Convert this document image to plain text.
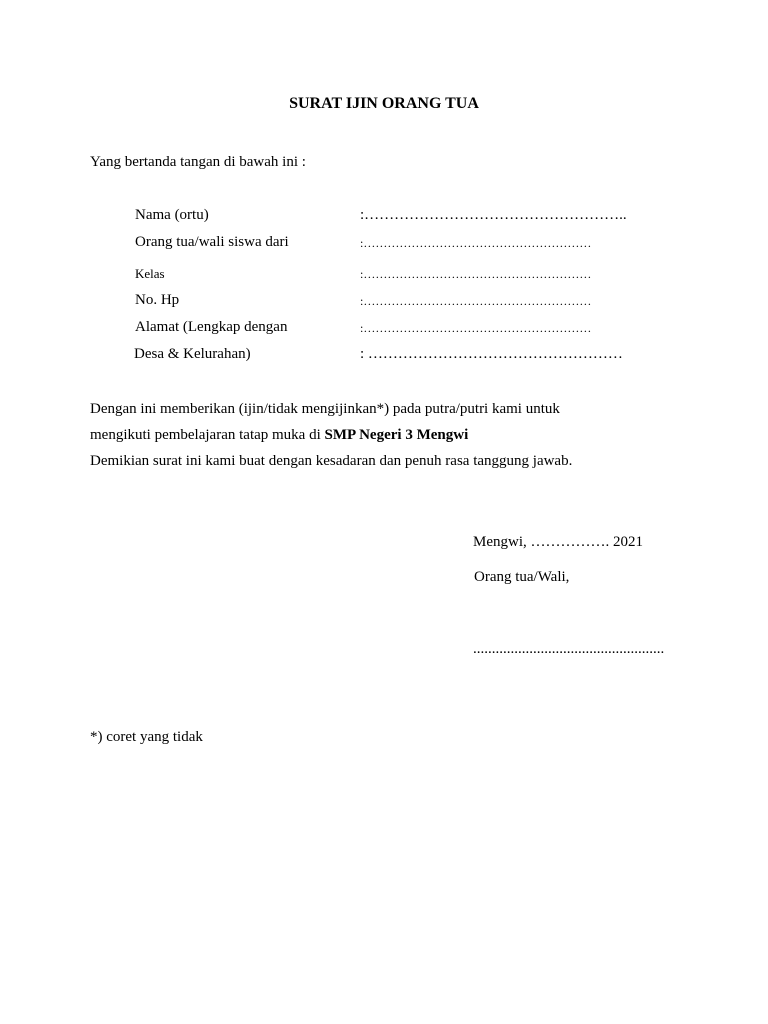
SURAT IJIN ORANG TUA
Yang bertanda tangan di bawah ini :
Nama (ortu)	:……………………………………………..
Orang tua/wali siswa dari	:…………………………………………………
Kelas	:…………………………………………………
No. Hp	:…………………………………………………
Alamat (Lengkap dengan	:…………………………………………………
Desa & Kelurahan)	: ……………………………………………
Dengan ini memberikan (ijin/tidak mengijinkan*) pada putra/putri kami untuk
mengikuti pembelajaran tatap muka di SMP Negeri 3 Mengwi
Demikian surat ini kami buat dengan kesadaran dan penuh rasa tanggung jawab.
Mengwi, ……………. 2021
Orang tua/Wali,
...................................................
*) coret yang tidak
